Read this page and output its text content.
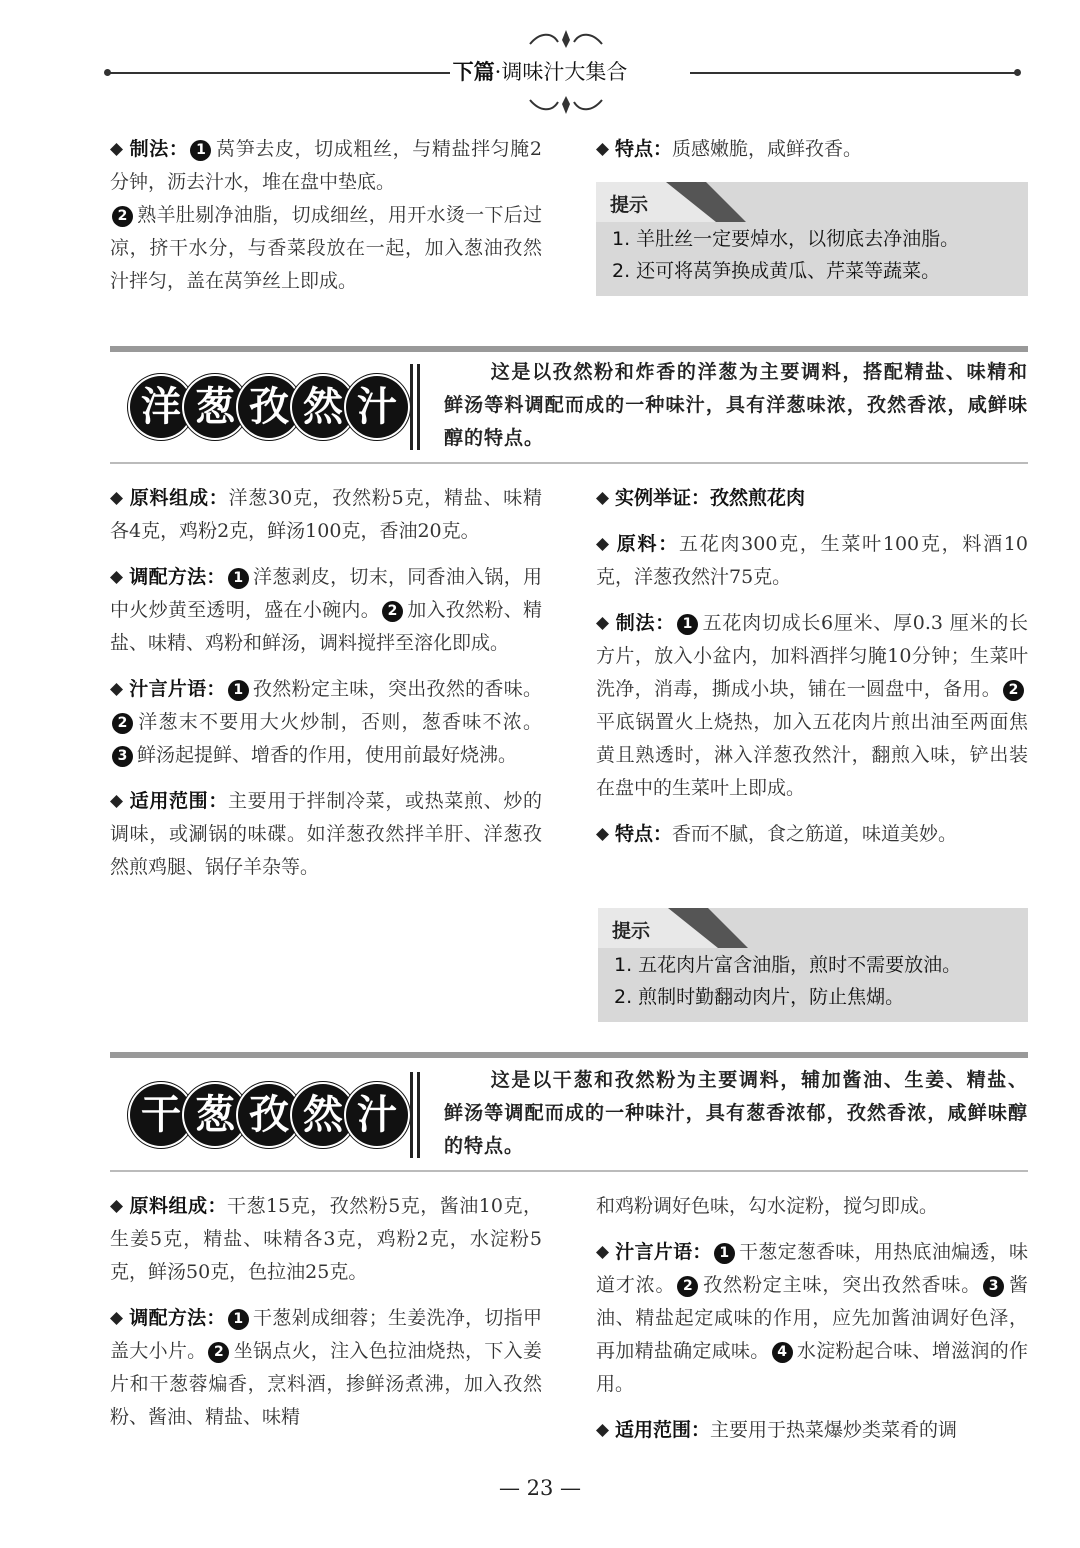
下篇·调味汁大集合

制法： 1 莴笋去皮，切成粗丝，与精盐拌匀腌2分钟，沥去汁水，堆在盘中垫底。
2 熟羊肚剔净油脂，切成细丝，用开水烫一下后过凉，挤干水分，与香菜段放在一起，加入葱油孜然汁拌匀，盖在莴笋丝上即成。

特点：质感嫩脆，咸鲜孜香。

提示
1. 羊肚丝一定要焯水，以彻底去净油脂。
2. 还可将莴笋换成黄瓜、芹菜等蔬菜。
洋 葱 孜 然 汁
这是以孜然粉和炸香的洋葱为主要调料，搭配精盐、味精和鲜汤等料调配而成的一种味汁，具有洋葱味浓，孜然香浓，咸鲜味醇的特点。

原料组成：洋葱30克，孜然粉5克，精盐、味精各4克，鸡粉2克，鲜汤100克，香油20克。

调配方法： 1 洋葱剥皮，切末，同香油入锅，用中火炒黄至透明，盛在小碗内。 2 加入孜然粉、精盐、味精、鸡粉和鲜汤，调料搅拌至溶化即成。

汁言片语： 1 孜然粉定主味，突出孜然的香味。2 洋葱末不要用大火炒制，否则，葱香味不浓。3 鲜汤起提鲜、增香的作用，使用前最好烧沸。

适用范围：主要用于拌制冷菜，或热菜煎、炒的调味，或涮锅的味碟。如洋葱孜然拌羊肝、洋葱孜然煎鸡腿、锅仔羊杂等。

实例举证：孜然煎花肉

原料：五花肉300克，生菜叶100克，料酒10克，洋葱孜然汁75克。

制法： 1 五花肉切成长6厘米、厚0.3 厘米的长方片，放入小盆内，加料酒拌匀腌10分钟；生菜叶洗净，消毒，撕成小块，铺在一圆盘中，备用。 2平底锅置火上烧热，加入五花肉片煎出油至两面焦黄且熟透时，淋入洋葱孜然汁，翻煎入味，铲出装在盘中的生菜叶上即成。

特点：香而不腻，食之筋道，味道美妙。

提示
1. 五花肉片富含油脂，煎时不需要放油。
2. 煎制时勤翻动肉片，防止焦煳。
干 葱 孜 然 汁
这是以干葱和孜然粉为主要调料，辅加酱油、生姜、精盐、鲜汤等调配而成的一种味汁，具有葱香浓郁，孜然香浓，咸鲜味醇的特点。

原料组成：干葱15克，孜然粉5克，酱油10克，生姜5克，精盐、味精各3克，鸡粉2克，水淀粉5克，鲜汤50克，色拉油25克。

调配方法： 1 干葱剁成细蓉；生姜洗净，切指甲盖大小片。 2 坐锅点火，注入色拉油烧热，下入姜片和干葱蓉煸香，烹料酒，掺鲜汤煮沸，加入孜然粉、酱油、精盐、味精

和鸡粉调好色味，勾水淀粉，搅匀即成。

汁言片语： 1 干葱定葱香味，用热底油煸透，味道才浓。 2 孜然粉定主味，突出孜然香味。 3 酱油、精盐起定咸味的作用，应先加酱油调好色泽，再加精盐确定咸味。 4 水淀粉起合味、增滋润的作用。

适用范围：主要用于热菜爆炒类菜肴的调

— 23 —
